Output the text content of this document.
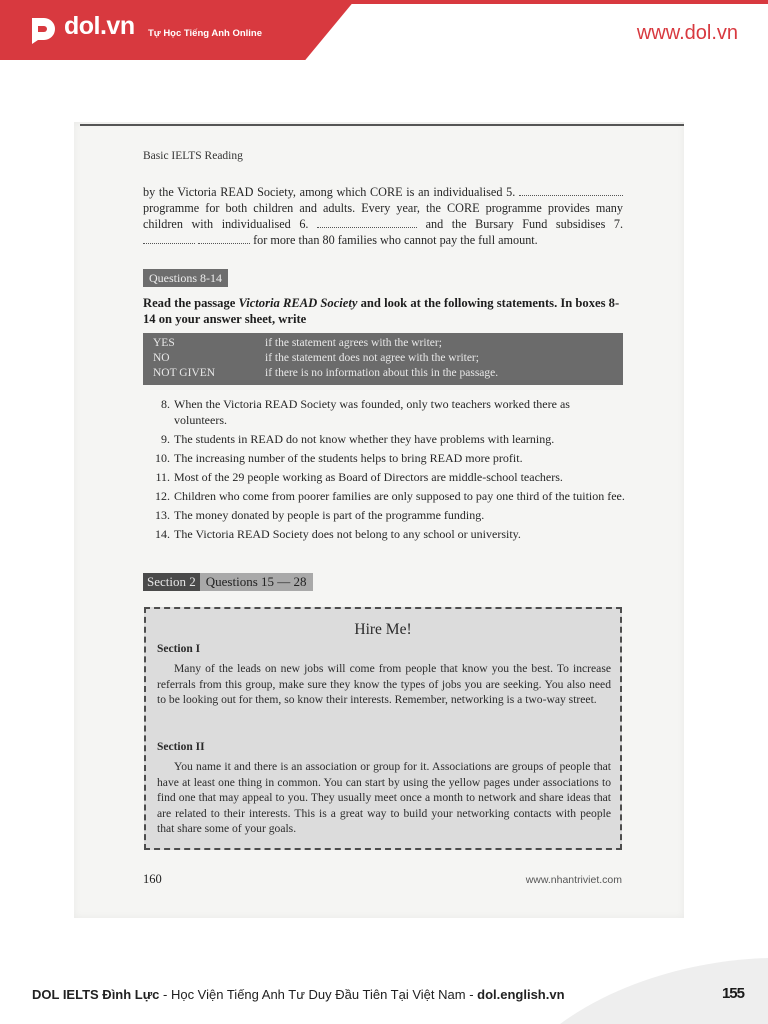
dol.vn Tự Học Tiếng Anh Online	www.dol.vn
Basic IELTS Reading
by the Victoria READ Society, among which CORE is an individualised 5.  programme for both children and adults. Every year, the CORE programme provides many children with individualised 6.	and the Bursary Fund subsidises 7.   for more than 80 families who cannot pay the full amount.
Questions 8-14
Read the passage Victoria READ Society and look at the following statements. In boxes 8-14 on your answer sheet, write
YES	if the statement agrees with the writer;
NO	if the statement does not agree with the writer;
NOT GIVEN	if there is no information about this in the passage.
8. When the Victoria READ Society was founded, only two teachers worked there as volunteers.
9. The students in READ do not know whether they have problems with learning.
10. The increasing number of the students helps to bring READ more profit.
11. Most of the 29 people working as Board of Directors are middle-school teachers.
12. Children who come from poorer families are only supposed to pay one third of the tuition fee.
13. The money donated by people is part of the programme funding.
14. The Victoria READ Society does not belong to any school or university.
Section 2 Questions 15 — 28
Hire Me!
Section I
Many of the leads on new jobs will come from people that know you the best. To increase referrals from this group, make sure they know the types of jobs you are seeking. You also need to be looking out for them, so know their interests. Remember, networking is a two-way street.
Section II
You name it and there is an association or group for it. Associations are groups of people that have at least one thing in common. You can start by using the yellow pages under associations to find one that may appeal to you. They usually meet once a month to network and share ideas that are related to their interests. This is a great way to build your networking contacts with people that share some of your goals.
160	www.nhantriviet.com
DOL IELTS Đình Lực - Học Viện Tiếng Anh Tư Duy Đầu Tiên Tại Việt Nam - dol.english.vn	155
